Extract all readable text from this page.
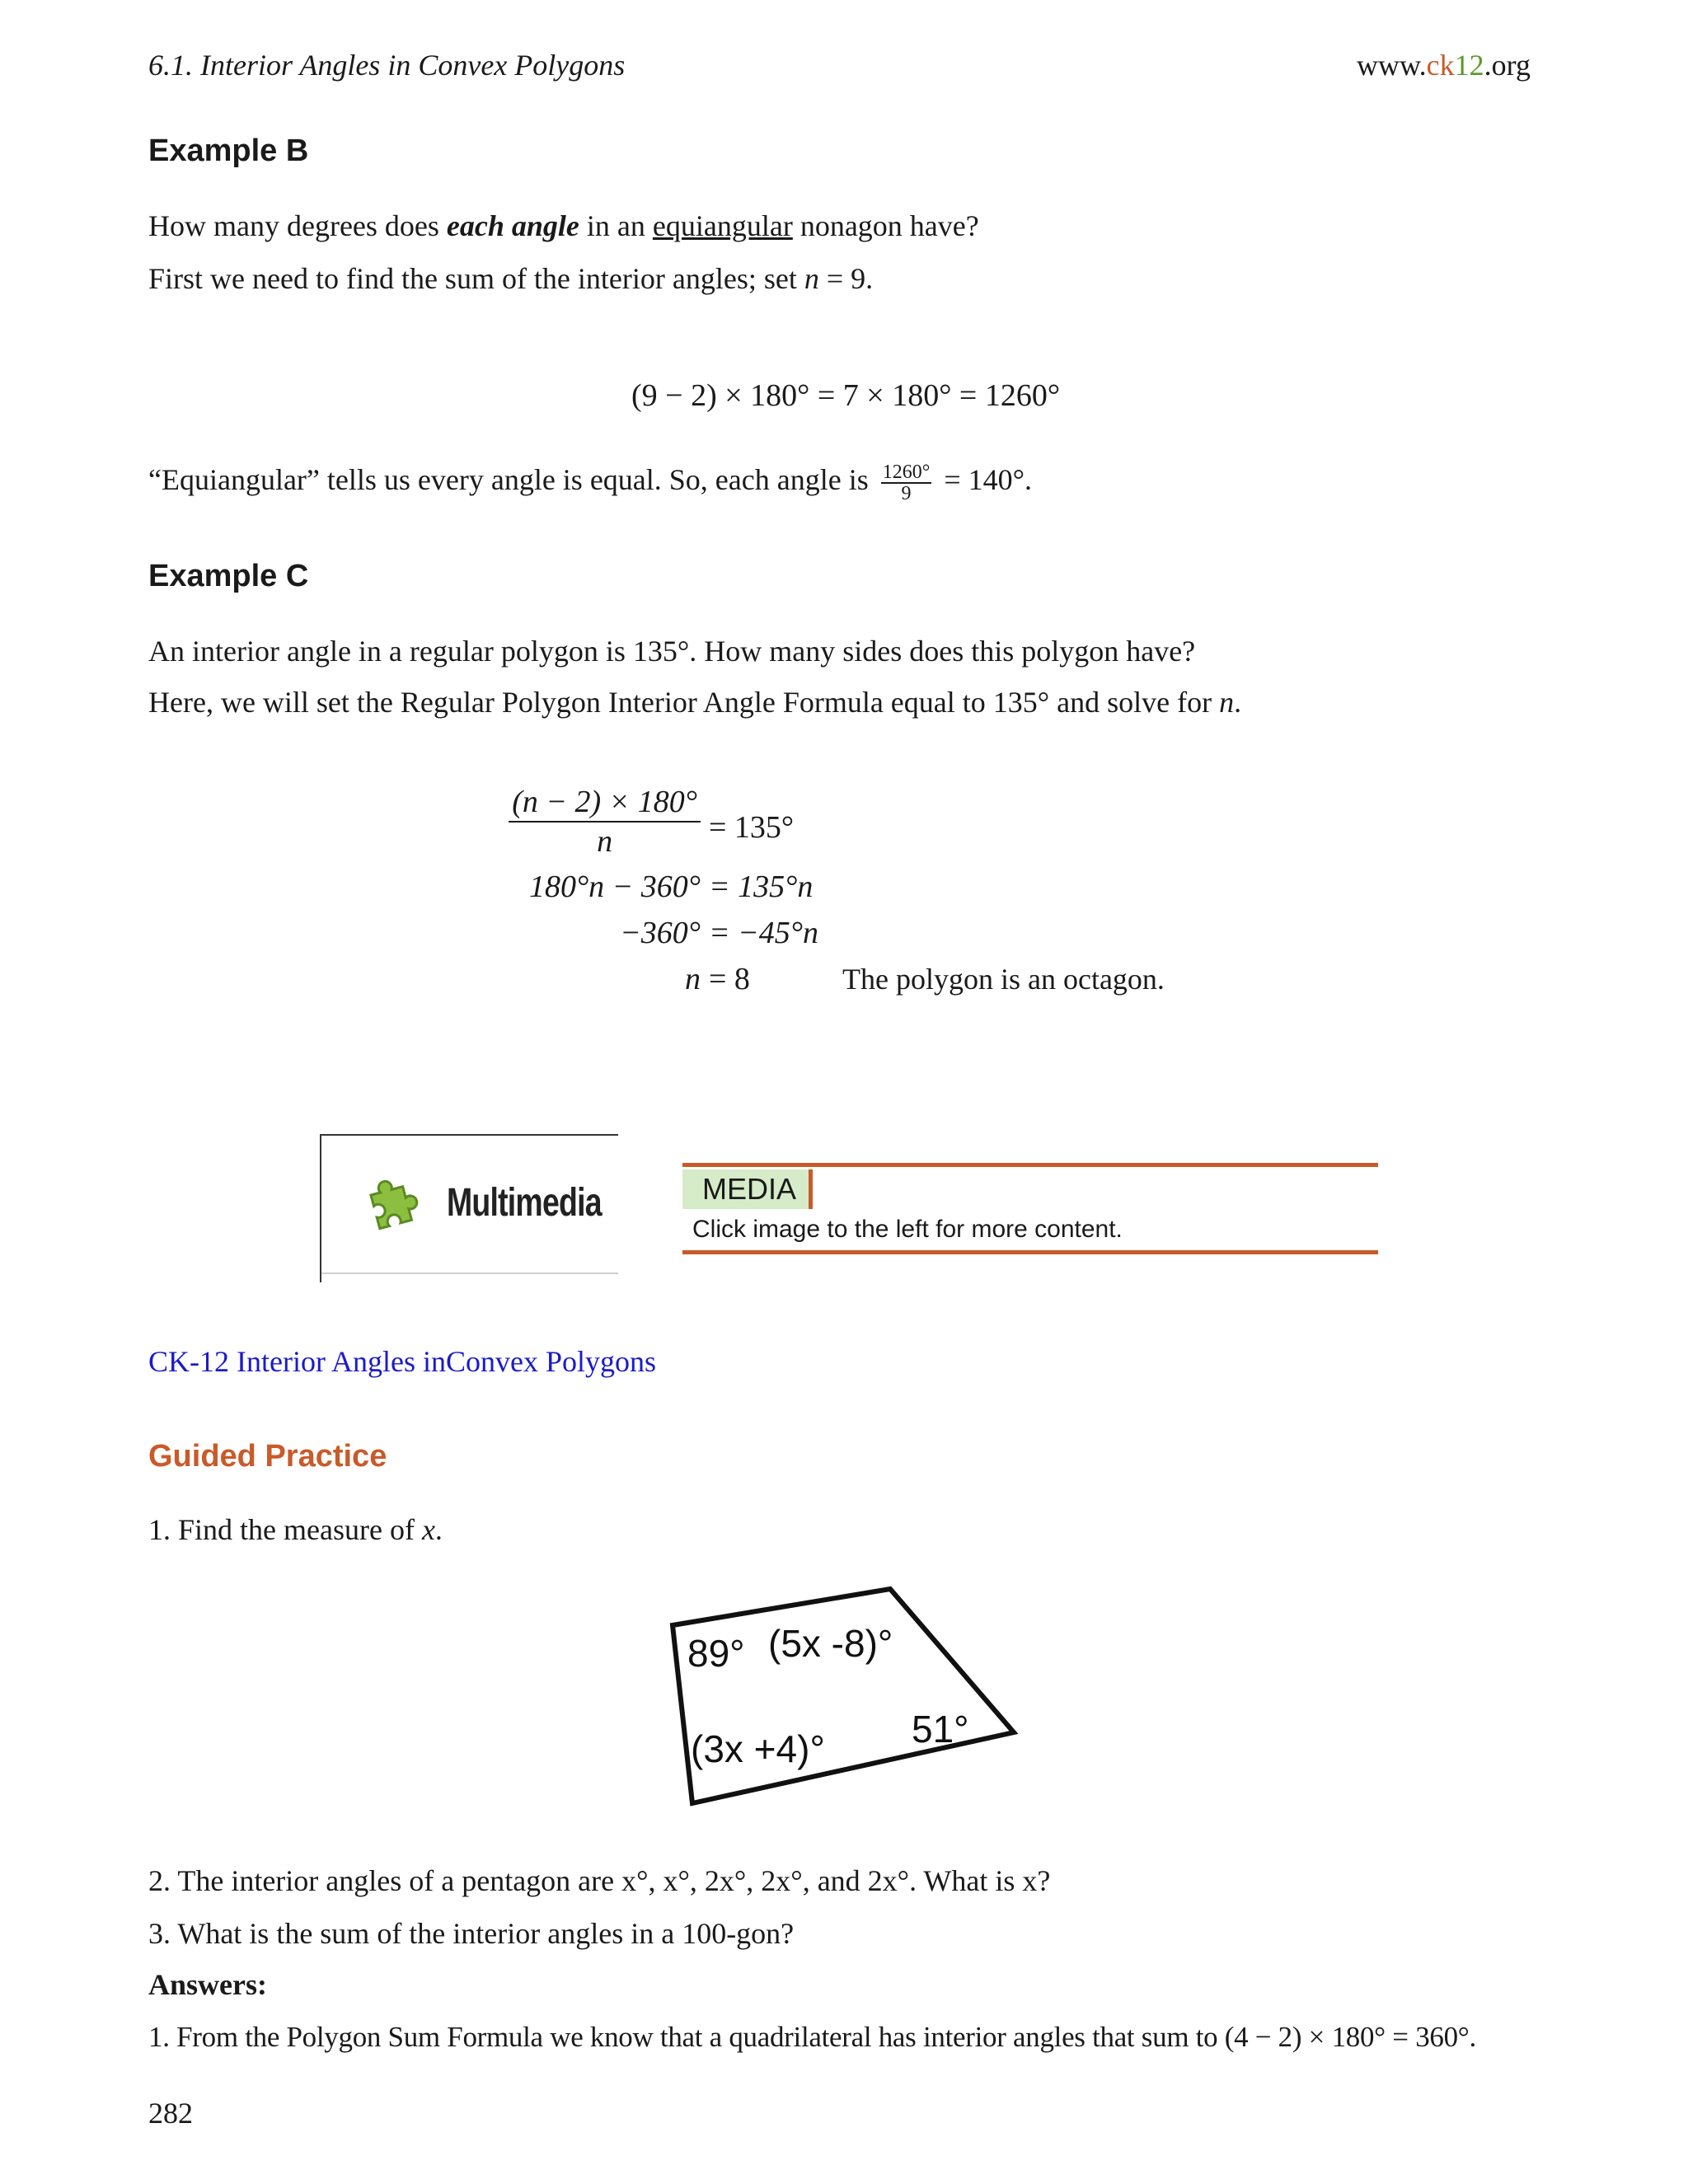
6.1. Interior Angles in Convex Polygons	www.ck12.org
Example B
How many degrees does each angle in an equiangular nonagon have?
First we need to find the sum of the interior angles; set n = 9.
(9 − 2) × 180° = 7 × 180° = 1260°
“Equiangular” tells us every angle is equal. So, each angle is $\frac{1260^\circ}{9} = 140^\circ$.
Example C
An interior angle in a regular polygon is 135°. How many sides does this polygon have?
Here, we will set the Regular Polygon Interior Angle Formula equal to 135° and solve for n.
$\frac{(n - 2) \times 180^\circ}{n} = 135^\circ$
180°n − 360° = 135°n
−360° = −45°n
n = 8	The polygon is an octagon.
Multimedia	MEDIA
Click image to the left for more content.
CK-12 Interior Angles inConvex Polygons
Guided Practice
1. Find the measure of x.
89° (5x -8)°
51°
(3x +4)°
2. The interior angles of a pentagon are x°, x°, 2x°, 2x°, and 2x°. What is x?
3. What is the sum of the interior angles in a 100-gon?
Answers:
1. From the Polygon Sum Formula we know that a quadrilateral has interior angles that sum to (4 − 2) × 180° = 360°.
282
